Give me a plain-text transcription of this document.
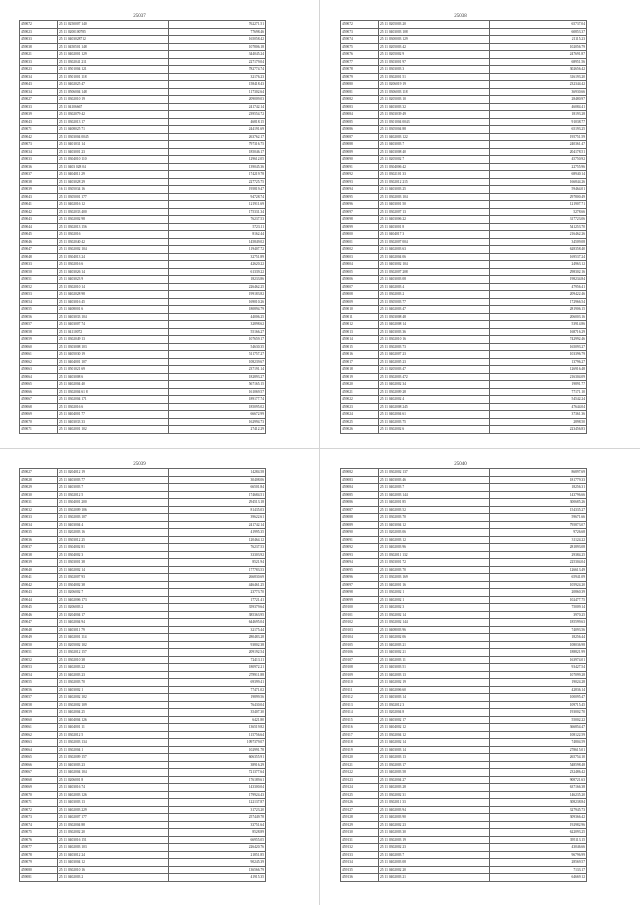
25037
459072	25 11 0250007 140	762271.51
459023	25 11 0200100785	77698.46
459033	25 11 0403028712	165058.42
459038	25 11 0450501 148	107806.18
459021	25 11 0402001 129	344045.24
459033	25 11 0302041 211	227179.04
459023	25 11 0501004 121	782774.74
459034	25 11 0501001 118	32176.23
459043	25 11 0402025 47	158418.43
459034	25 11 0506004 148	117302.64
459027	25 11 0302010 19	209009.03
459033	25 11 04106667	241742.14
459039	25 11 0302079 42	239554.72
459043	25 11 0302013 17	46818.15
459071	25 11 0408025 71	244191.69
459042	25 11 0303004 0045	263762.17
459073	25 11 0401031 14	797316.75
459034	25 11 0403001 23	185046.17
459033	25 11 0304010 110	129612.05
459036	25 11 0403 028 04	139045.36
459037	25 11 0404011 29	174219.78
459038	25 11 0403028 29	227725.75
459039	16 11 0305034 16	195819.47
459043	25 11 0305001 177	94728.74
459041	25 11 0402016 12	121911.69
459042	25 11 0302033 400	175331.34
459043	25 11 0302002 98	76237.53
459044	25 11 0302013 156	5723.11
459045	25 11 0302016	8162.44
459046	25 11 0302040 42	145849.02
459047	25 11 0302002 104	119407.72
459048	25 11 0304013 24	32751.89
459033	25 11 0302016 6	42620.22
459050	25 11 0403026 14	61339.22
459051	25 11 0403023 9	18233.86
459052	25 11 0302010 14	226462.25
459053	25 11 0402028 98	199183.82
459054	25 11 0403016 45	169010.26
459055	25 11 0408001 6	180894.79
459056	25 11 0403033 104	44006.25
459057	25 11 0403007 74	32898.62
459058	25 11 04110072	55166.27
459059	25 11 0302049 13	107659.17
459060	25 11 0303008 103	54630.35
459061	25 11 0405030 19	511757.27
459062	25 11 0404001 107	108239.67
459063	25 11 0501021 69	237191.14
459064	25 11 0403008 6	182893.27
459065	25 11 0402004 40	567165.15
459066	25 11 0302004 61 8	161069.57
459067	25 11 0302004 171	189177.74
459068	25 11 0302016 6	185095.02
459069	25 11 0404001 77	66672.99
459070	25 11 0403033 33	162994.73
459071	25 11 0402001 102	27412.29
25038
459072	25 11 0205003 20	65737.04
459073	25 11 0403003 108	60853.37
459074	25 11 0300003 129	21115.23
459075	25 11 0205003 42	102056.79
459076	25 11 0205002 9	247691.87
459077	25 11 0303001 97	68951.56
459078	25 11 0303003 3	302656.42
459079	25 11 0302001 51	316193.20
459080	25 11 0206019 19	232344.42
459081	25 11 0306003 118	36930.66
459082	25 11 0205003 10	28480.97
459083	25 11 0403003 32	46084.41
459084	25 11 0303039 49	18193.28
459085	25 11 0301004 0043	91038.77
459086	25 11 0305004 88	65193.25
459087	25 11 0402003 122	195751.59
459088	25 11 0403003 7	240361.47
459089	25 11 0403008 40	204178.51
459090	25 11 0205002 7	45750.92
459091	25 11 0304006 42	22755.96
459092	25 11 0302101 33	68940.14
459093	25 11 0302012 215	166844.26
459094	25 11 0403003 25	59464.01
459095	25 11 0302003 104	297800.49
459096	25 11 0403001 50	121907.71
459097	25 11 0302007 13	5278.66
459098	25 11 0403006 22	317723.06
459099	25 11 0403001 8	541253.70
459000	25 11 0404017 3	216462.26
459001	25 11 0302007 004	34509.08
459002	25 11 0402003 63	628358.40
459003	25 11 0402004 06	169537.24
459004	25 11 0403002 104	24963.12
459005	25 11 0302007 208	298302.16
459006	25 11 0403003 08	198234.84
459007	25 11 0402003 4	47956.41
459008	25 11 0302003 2	209422.46
459009	25 11 0305003 77	172966.54
459010	25 11 0402003 47	281906.15
459011	25 11 0303008 48	206003.16
459012	25 11 0402008 14	53914.86
459013	25 11 0403003 36	168716.29
459014	25 11 0302010 16	742992.46
459015	25 11 0302003 73	165093.27
459016	25 11 0402007 23	103396.79
459017	25 11 0402005 23	13796.27
459018	25 11 0205003 47	126916.48
459019	25 11 0302003 472	216304.09
459020	25 11 0402002 34	19891.77
459021	25 11 0302009 28	77171.10
459022	25 11 0402002 4	54542.24
459023	25 11 0402008 245	47644.04
459024	25 11 0402004 61	37361.36
459025	25 11 0402003 75	2898.50
459026	25 11 0302002 6	223456.83
25039
459027	25 11 0204012 19	14284.58
459028	25 11 0403003 77	30408.06
459029	25 11 0403003 7	66501.84
459030	25 11 0302012 5	174684.51
459031	25 11 0304001 200	294513.18
459032	25 11 0302009 106	81435.03
459033	25 11 0302003 107	39622.61
459034	25 11 0403004 4	241742.14
459035	25 11 0202003 16	41995.35
459036	25 11 0303012 25	120464.12
459037	25 11 0304002 81	76237.53
459038	25 11 0304002 3	33303.92
459039	25 11 0303001 38	8521.94
459040	25 11 0402002 14	177783.53
459041	25 11 0302007 93	266830.69
459042	25 11 0304002 38	446461.25
459043	25 11 0206002 7	23773.70
459044	25 11 0402006 173	17721.41
459045	25 11 0206003 2	359379.64
459046	25 11 0204004 17	385363.95
459047	25 11 0402004 94	644695.04
459048	25 11 0403011 79	32175.44
459049	25 11 0402001 114	280483.28
459050	25 11 0205002 102	93802.38
459051	25 11 0302012 157	209192.54
459052	25 11 0302010 38	72413.11
459053	25 11 0402003 22	180972.21
459054	25 11 0402003 23	278911.88
459055	25 11 0302003 70	69399.41
459056	25 11 0403002 1	77471.02
459057	25 11 0402002 102	19899.56
459058	25 11 0302002 109	76430.04
459059	25 11 0402004 25	35407.30
459060	25 11 0404004 126	6421.80
459061	25 11 0404001 11	136519.82
459062	25 11 0302012 5	115756.64
459063	25 11 0302003 134	1097379.07
459064	25 11 0302004 1	102991.78
459065	25 11 0302009 157	606355.91
459066	25 11 0403003 23	38916.29
459067	25 11 0402004 104	721377.64
459068	25 11 0206001 8	176189.61
459069	25 11 0403016 74	143300.04
459070	25 11 0402003 126	179924.43
459071	25 11 0403003 13	122137.87
459072	25 11 0402003 229	31723.20
459073	25 11 0402007 177	257449.78
459074	25 11 0302004 88	33751.64
459075	25 11 0302002 20	8528.89
459076	25 11 0403016 151	66955.05
459077	25 11 0402003 103	226420.76
459078	25 11 0403012 24	21851.85
459079	25 11 0403004 12	90245.39
459080	25 11 0302010 16	136566.79
459081	25 11 0402003 2	41915.35
25040
459082	25 11 0302002 137	86897.69
459083	25 11 0403003 46	181779.33
459084	25 11 0402003 7	18256.31
459085	25 11 0402003 144	143796.66
459086	25 11 0402001 85	300685.26
459087	25 11 0402003 52	154335.27
459088	25 11 0302003 70	59671.66
459089	25 11 0403004 12	795873.07
459090	25 11 0202003 06	9726.68
459091	25 11 0402003 12	31124.22
459092	25 11 0402003 96	281893.08
459093	25 11 0302011 132	29384.25
459094	25 11 0303001 72	225304.04
459095	25 11 0402003 70	126613.49
459096	25 11 0302003 169	65941.09
459097	25 11 0402001 16	105924.20
459098	25 11 0302002 1	20860.39
459099	25 11 0402002 1	102477.75
459100	25 11 0402002 3	75009.14
459101	25 11 0302002 14	3970.25
459102	25 11 0302002 144	185599.63
459103	25 11 0408003 96	74093.56
459104	25 11 0402002 06	18256.44
459105	25 11 0402003 21	108036.98
459106	25 11 0403002 21	188821.99
459107	25 11 0402003 11	163974.01
459108	25 11 0403003 51	93427.54
459109	25 11 0402003 13	107099.28
459110	25 11 0402002 19	19024.28
459111	25 11 0402006 60	42836.14
459112	25 11 0403003 14	100095.47
459113	25 11 0302012 3	109715.45
459114	25 11 0202004 8	193002.70
459115	25 11 0403002 17	55002.22
459116	25 11 0404002 12	366854.47
459117	25 11 0302004 12	108122.59
459118	25 11 0402002 14	74804.59
459119	25 11 0403003 14	278615.01
459120	25 11 0402003 13	265754.10
459121	25 11 0302003 17	548598.48
459122	25 11 0402003 58	232486.42
459123	25 11 0302004 27	908721.63
459124	25 11 0402003 28	637166.38
459125	25 11 0302002 31	146235.20
459126	25 11 0302011 33	308238.84
459127	25 11 0402003 94	327945.73
459128	25 11 0402003 90	309366.42
459129	25 11 0402002 23	192982.96
459130	25 11 0402003 30	622093.25
459131	25 11 0302003 19	395113.15
459132	25 11 0302002 23	43046.66
459133	25 11 0402003 7	96796.99
459134	25 11 0402003 08	28569.57
459135	25 11 0402002 20	7133.17
459136	25 11 0402003 21	64669.12
